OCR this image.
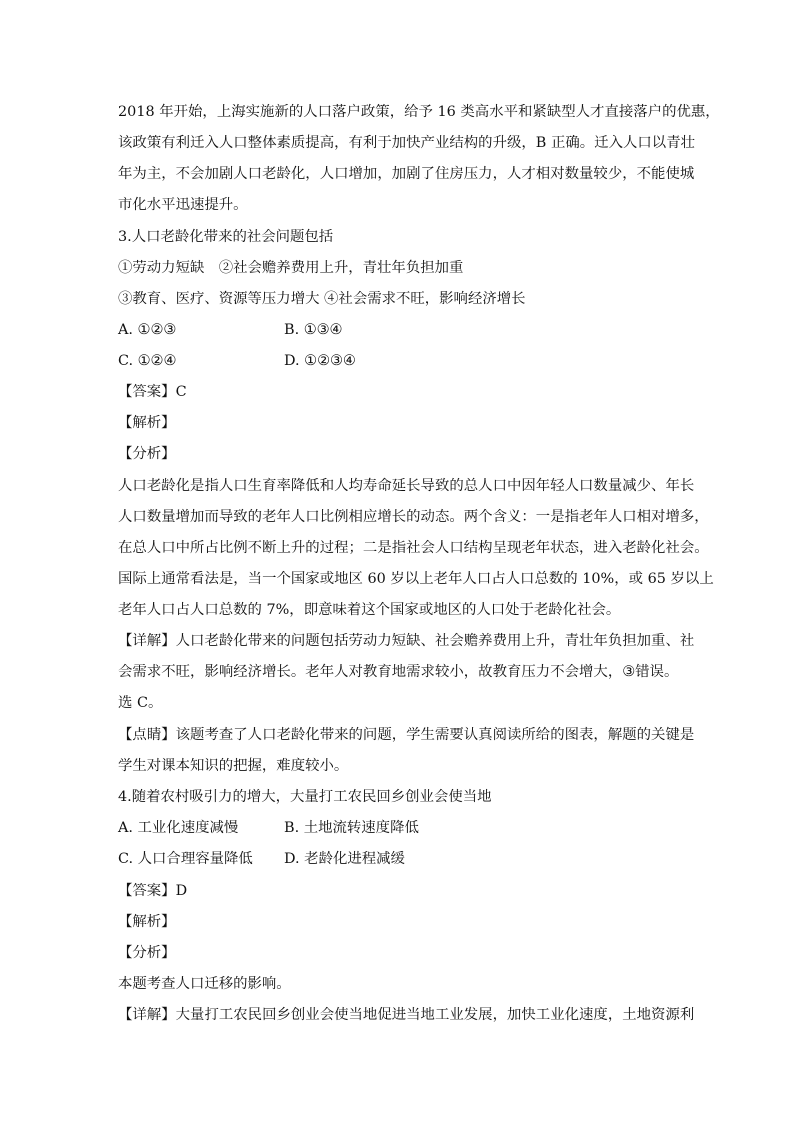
2 0 1 8
年 开 始 ， 上 海 实 施 新 的 人 口 落 户 政 策 ， 给 予
1 6
类 高 水 平 和 紧 缺 型 人 才 直 接 落 户 的 优 惠 ，
该 政 策 有 利 迁 入 人 口 整 体 素 质 提 高 ， 有 利 于 加 快 产 业 结 构 的 升 级 ， B
正 确 。 迁 入 人 口 以 青 壮
年 为 主 ， 不 会 加 剧 人 口 老 龄 化 ， 人 口 增 加 ， 加 剧 了 住 房 压 力 ， 人 才 相 对 数 量 较 少 ， 不 能 使 城
市化水平迅速提升。
3.人口老龄化带来的社会问题包括
①劳动力短缺　②社会赡养费用上升，青壮年负担加重
③教育、医疗、资源等压力增大 ④社会需求不旺，影响经济增长
A. ①②③	B. ①③④
C. ①②④	D. ①②③④
【答案】C
【解析】
【分析】
人 口 老 龄 化 是 指 人 口 生 育 率 降 低 和 人 均 寿 命 延 长 导 致 的 总 人 口 中 因 年 轻 人 口 数 量 减 少 、 年 长
人 口 数 量 增 加 而 导 致 的 老 年 人 口 比 例 相 应 增 长 的 动 态 。 两 个 含 义 ： 一 是 指 老 年 人 口 相 对 增 多 ，
在 总 人 口 中 所 占 比 例 不 断 上 升 的 过 程 ； 二 是 指 社 会 人 口 结 构 呈 现 老 年 状 态 ， 进 入 老 龄 化 社 会 。
国 际 上 通 常 看 法 是 ， 当 一 个 国 家 或 地 区
6 0
岁 以 上 老 年 人 口 占 人 口 总 数 的
1 0 % ， 或
6 5
岁 以 上
老年人口占人口总数的 7%，即意味着这个国家或地区的人口处于老龄化社会。
【 详 解 】 人 口 老 龄 化 带 来 的 问 题 包 括 劳 动 力 短 缺 、 社 会 赡 养 费 用 上 升 ， 青 壮 年 负 担 加 重 、 社
会 需 求 不 旺 ， 影 响 经 济 增 长 。 老 年 人 对 教 育 地 需 求 较 小 ， 故 教 育 压 力 不 会 增 大 ， ③ 错 误 。
选 C。
【 点 睛 】 该 题 考 查 了 人 口 老 龄 化 带 来 的 问 题 ， 学 生 需 要 认 真 阅 读 所 给 的 图 表 ， 解 题 的 关 键 是
学生对课本知识的把握，难度较小。
4.随着农村吸引力的增大，大量打工农民回乡创业会使当地
A. 工业化速度减慢	B. 土地流转速度降低
C. 人口合理容量降低 D. 老龄化进程减缓
【答案】D
【解析】
【分析】
本题考查人口迁移的影响。
【 详 解 】 大 量 打 工 农 民 回 乡 创 业 会 使 当 地 促 进 当 地 工 业 发 展 ， 加 快 工 业 化 速 度 ， 土 地 资 源 利
